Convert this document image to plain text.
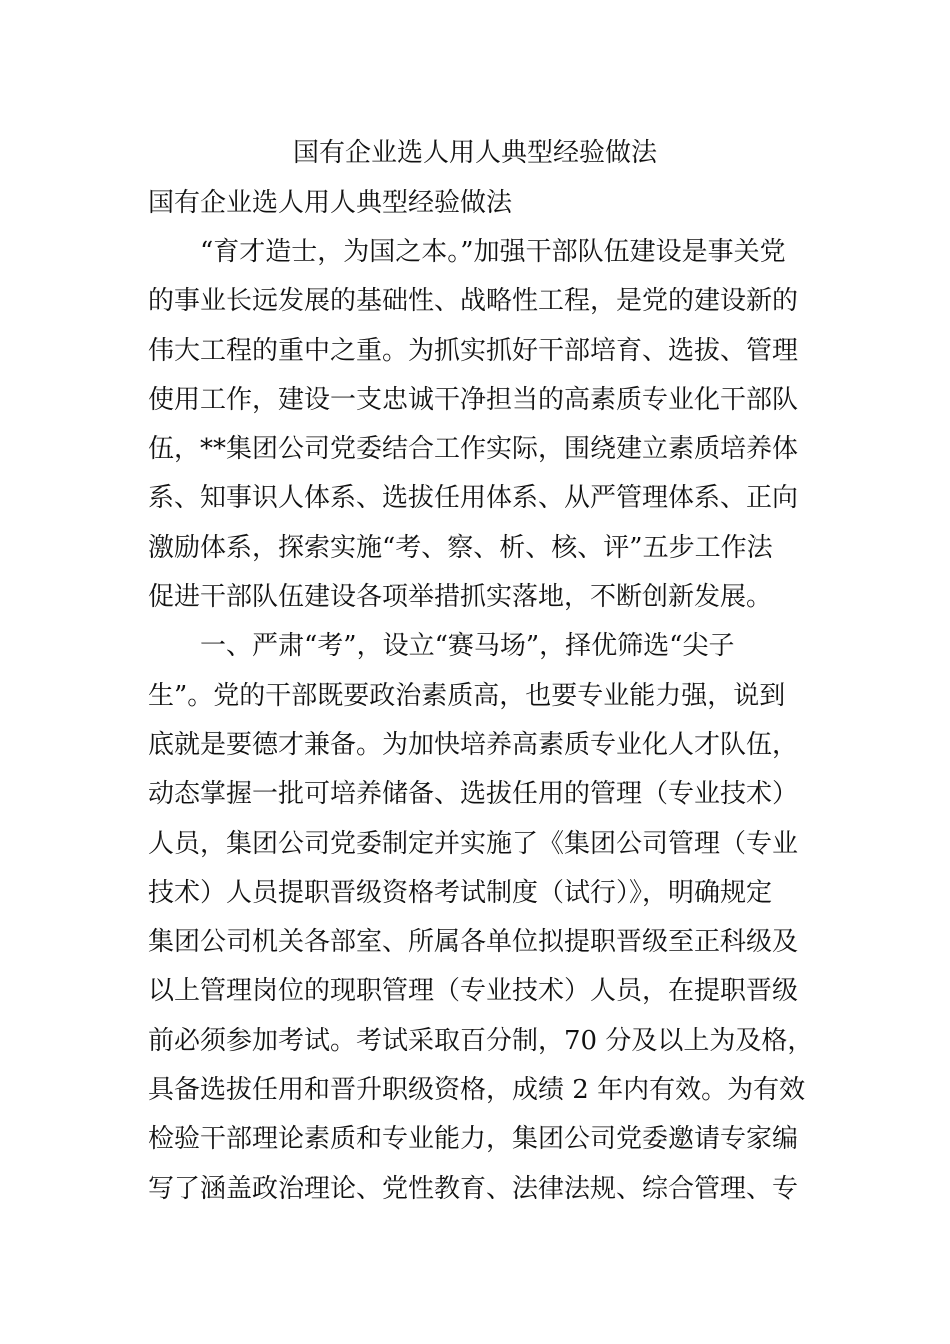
国有企业选人用人典型经验做法
国有企业选人用人典型经验做法
　　“育才造士，为国之本。”加强干部队伍建设是事关党
的事业长远发展的基础性、战略性工程，是党的建设新的
伟大工程的重中之重。为抓实抓好干部培育、选拔、管理
使用工作，建设一支忠诚干净担当的高素质专业化干部队
伍，**集团公司党委结合工作实际，围绕建立素质培养体
系、知事识人体系、选拔任用体系、从严管理体系、正向
激励体系，探索实施“考、察、析、核、评”五步工作法
促进干部队伍建设各项举措抓实落地，不断创新发展。
　　一、严肃“考”，设立“赛马场”，择优筛选“尖子
生”。党的干部既要政治素质高，也要专业能力强，说到
底就是要德才兼备。为加快培养高素质专业化人才队伍，
动态掌握一批可培养储备、选拔任用的管理（专业技术）
人员，集团公司党委制定并实施了《集团公司管理（专业
技术）人员提职晋级资格考试制度（试行）》，明确规定
集团公司机关各部室、所属各单位拟提职晋级至正科级及
以上管理岗位的现职管理（专业技术）人员，在提职晋级
前必须参加考试。考试采取百分制，70 分及以上为及格，
具备选拔任用和晋升职级资格，成绩 2 年内有效。为有效
检验干部理论素质和专业能力，集团公司党委邀请专家编
写了涵盖政治理论、党性教育、法律法规、综合管理、专
